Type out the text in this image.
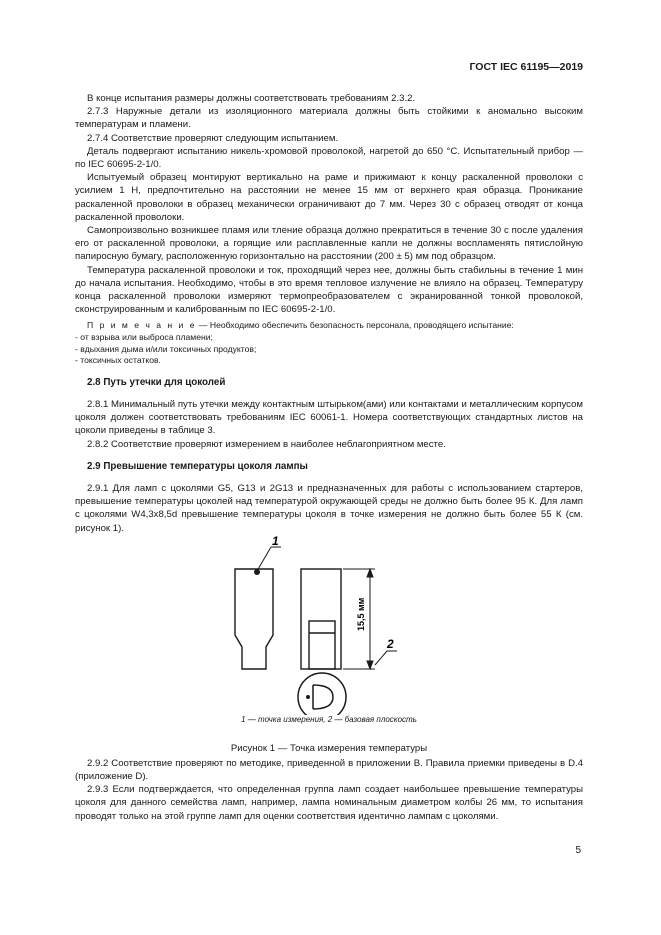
ГОСТ IEC 61195—2019

В конце испытания размеры должны соответствовать требованиям 2.3.2.

2.7.3 Наружные детали из изоляционного материала должны быть стойкими к аномально высоким температурам и пламени.

2.7.4 Соответствие проверяют следующим испытанием.

Деталь подвергают испытанию никель-хромовой проволокой, нагретой до 650 °С. Испытательный прибор — по IEC 60695-2-1/0.

Испытуемый образец монтируют вертикально на раме и прижимают к концу раскаленной проволоки с усилием 1 Н, предпочтительно на расстоянии не менее 15 мм от верхнего края образца. Проникание раскаленной проволоки в образец механически ограничивают до 7 мм. Через 30 с образец отводят от конца раскаленной проволоки.

Самопроизвольно возникшее пламя или тление образца должно прекратиться в течение 30 с после удаления его от раскаленной проволоки, а горящие или расплавленные капли не должны воспламенять пятислойную папиросную бумагу, расположенную горизонтально на расстоянии (200 ± 5) мм под образцом.

Температура раскаленной проволоки и ток, проходящий через нее, должны быть стабильны в течение 1 мин до начала испытания. Необходимо, чтобы в это время тепловое излучение не влияло на образец. Температуру конца раскаленной проволоки измеряют термопреобразователем с экранированной тонкой проволокой, сконструированным и калиброванным по IEC 60695-2-1/0.

П р и м е ч а н и е — Необходимо обеспечить безопасность персонала, проводящего испытание:

- от взрыва или выброса пламени;

- вдыхания дыма и/или токсичных продуктов;

- токсичных остатков.

2.8 Путь утечки для цоколей

2.8.1 Минимальный путь утечки между контактным штырьком(ами) или контактами и металлическим корпусом цоколя должен соответствовать требованиям IEC 60061-1. Номера соответствующих стандартных листов на цоколи приведены в таблице 3.

2.8.2 Соответствие проверяют измерением в наиболее неблагоприятном месте.

2.9 Превышение температуры цоколя лампы

2.9.1 Для ламп с цоколями G5, G13 и 2G13 и предназначенных для работы с использованием стартеров, превышение температуры цоколей над температурой окружающей среды не должно быть более 95 К. Для ламп с цоколями W4,3x8,5d превышение температуры цоколя в точке измерения не должно быть более 55 К (см. рисунок 1).

1
15,5 мм
2
1 — точка измерения, 2 — базовая плоскость
Рисунок 1 — Точка измерения температуры

2.9.2 Соответствие проверяют по методике, приведенной в приложении В. Правила приемки приведены в D.4 (приложение D).

2.9.3 Если подтверждается, что определенная группа ламп создает наибольшее превышение температуры цоколя для данного семейства ламп, например, лампа номинальным диаметром колбы 26 мм, то испытания проводят только на этой группе ламп для оценки соответствия идентично лампам с цоколями.

5
